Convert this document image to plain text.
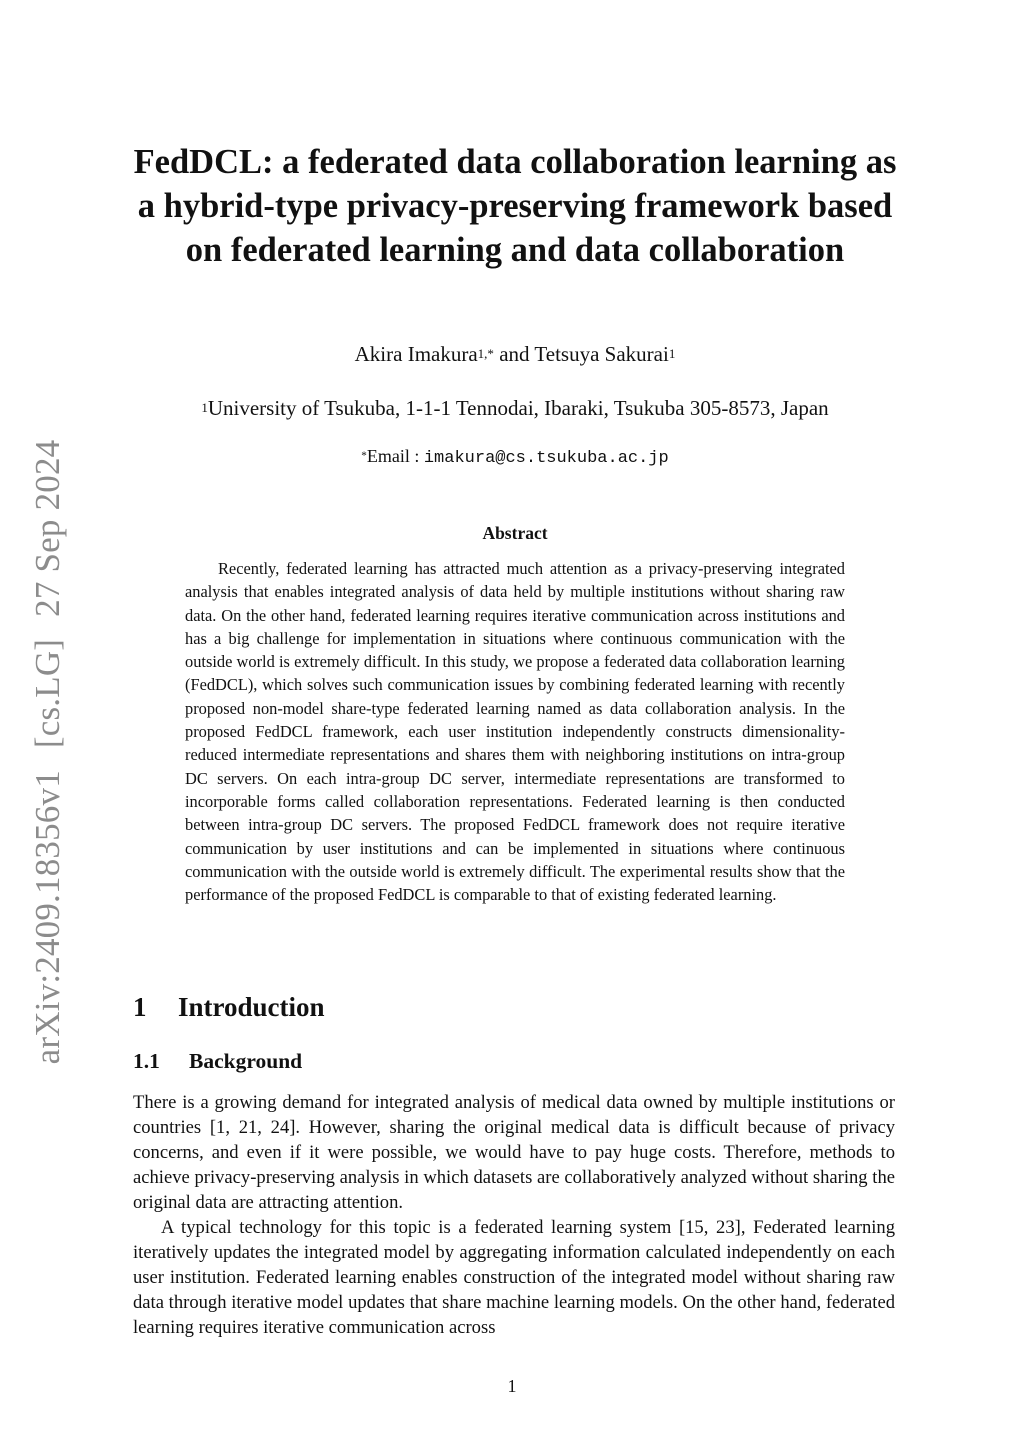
arXiv:2409.18356v1[cs.LG]27 Sep 2024
FedDCL: a federated data collaboration learning as a hybrid-type privacy-preserving framework based on federated learning and data collaboration
Akira Imakura$^{1,*}$ and Tetsuya Sakurai$^1$
$^1$University of Tsukuba, 1-1-1 Tennodai, Ibaraki, Tsukuba 305-8573, Japan
*Email : imakura@cs.tsukuba.ac.jp
Abstract

Recently, federated learning has attracted much attention as a privacy-preserving integrated analysis that enables integrated analysis of data held by multiple institutions without sharing raw data. On the other hand, federated learning requires iterative communication across institutions and has a big challenge for implementation in situations where continuous communication with the outside world is extremely difficult. In this study, we propose a federated data collaboration learning (FedDCL), which solves such communication issues by combining federated learning with recently proposed non-model share-type federated learning named as data collaboration analysis. In the proposed FedDCL framework, each user institution independently constructs dimensionality-reduced intermediate representations and shares them with neighboring institutions on intra-group DC servers. On each intra-group DC server, intermediate representations are transformed to incorporable forms called collaboration representations. Federated learning is then conducted between intra-group DC servers. The proposed FedDCL framework does not require iterative communication by user institutions and can be implemented in situations where continuous communication with the outside world is extremely difficult. The experimental results show that the performance of the proposed FedDCL is comparable to that of existing federated learning.

1 Introduction
1.1 Background

There is a growing demand for integrated analysis of medical data owned by multiple institutions or countries [1, 21, 24]. However, sharing the original medical data is difficult because of privacy concerns, and even if it were possible, we would have to pay huge costs. Therefore, methods to achieve privacy-preserving analysis in which datasets are collaboratively analyzed without sharing the original data are attracting attention.

A typical technology for this topic is a federated learning system [15, 23], Federated learning iteratively updates the integrated model by aggregating information calculated independently on each user institution. Federated learning enables construction of the integrated model without sharing raw data through iterative model updates that share machine learning models. On the other hand, federated learning requires iterative communication across

1
